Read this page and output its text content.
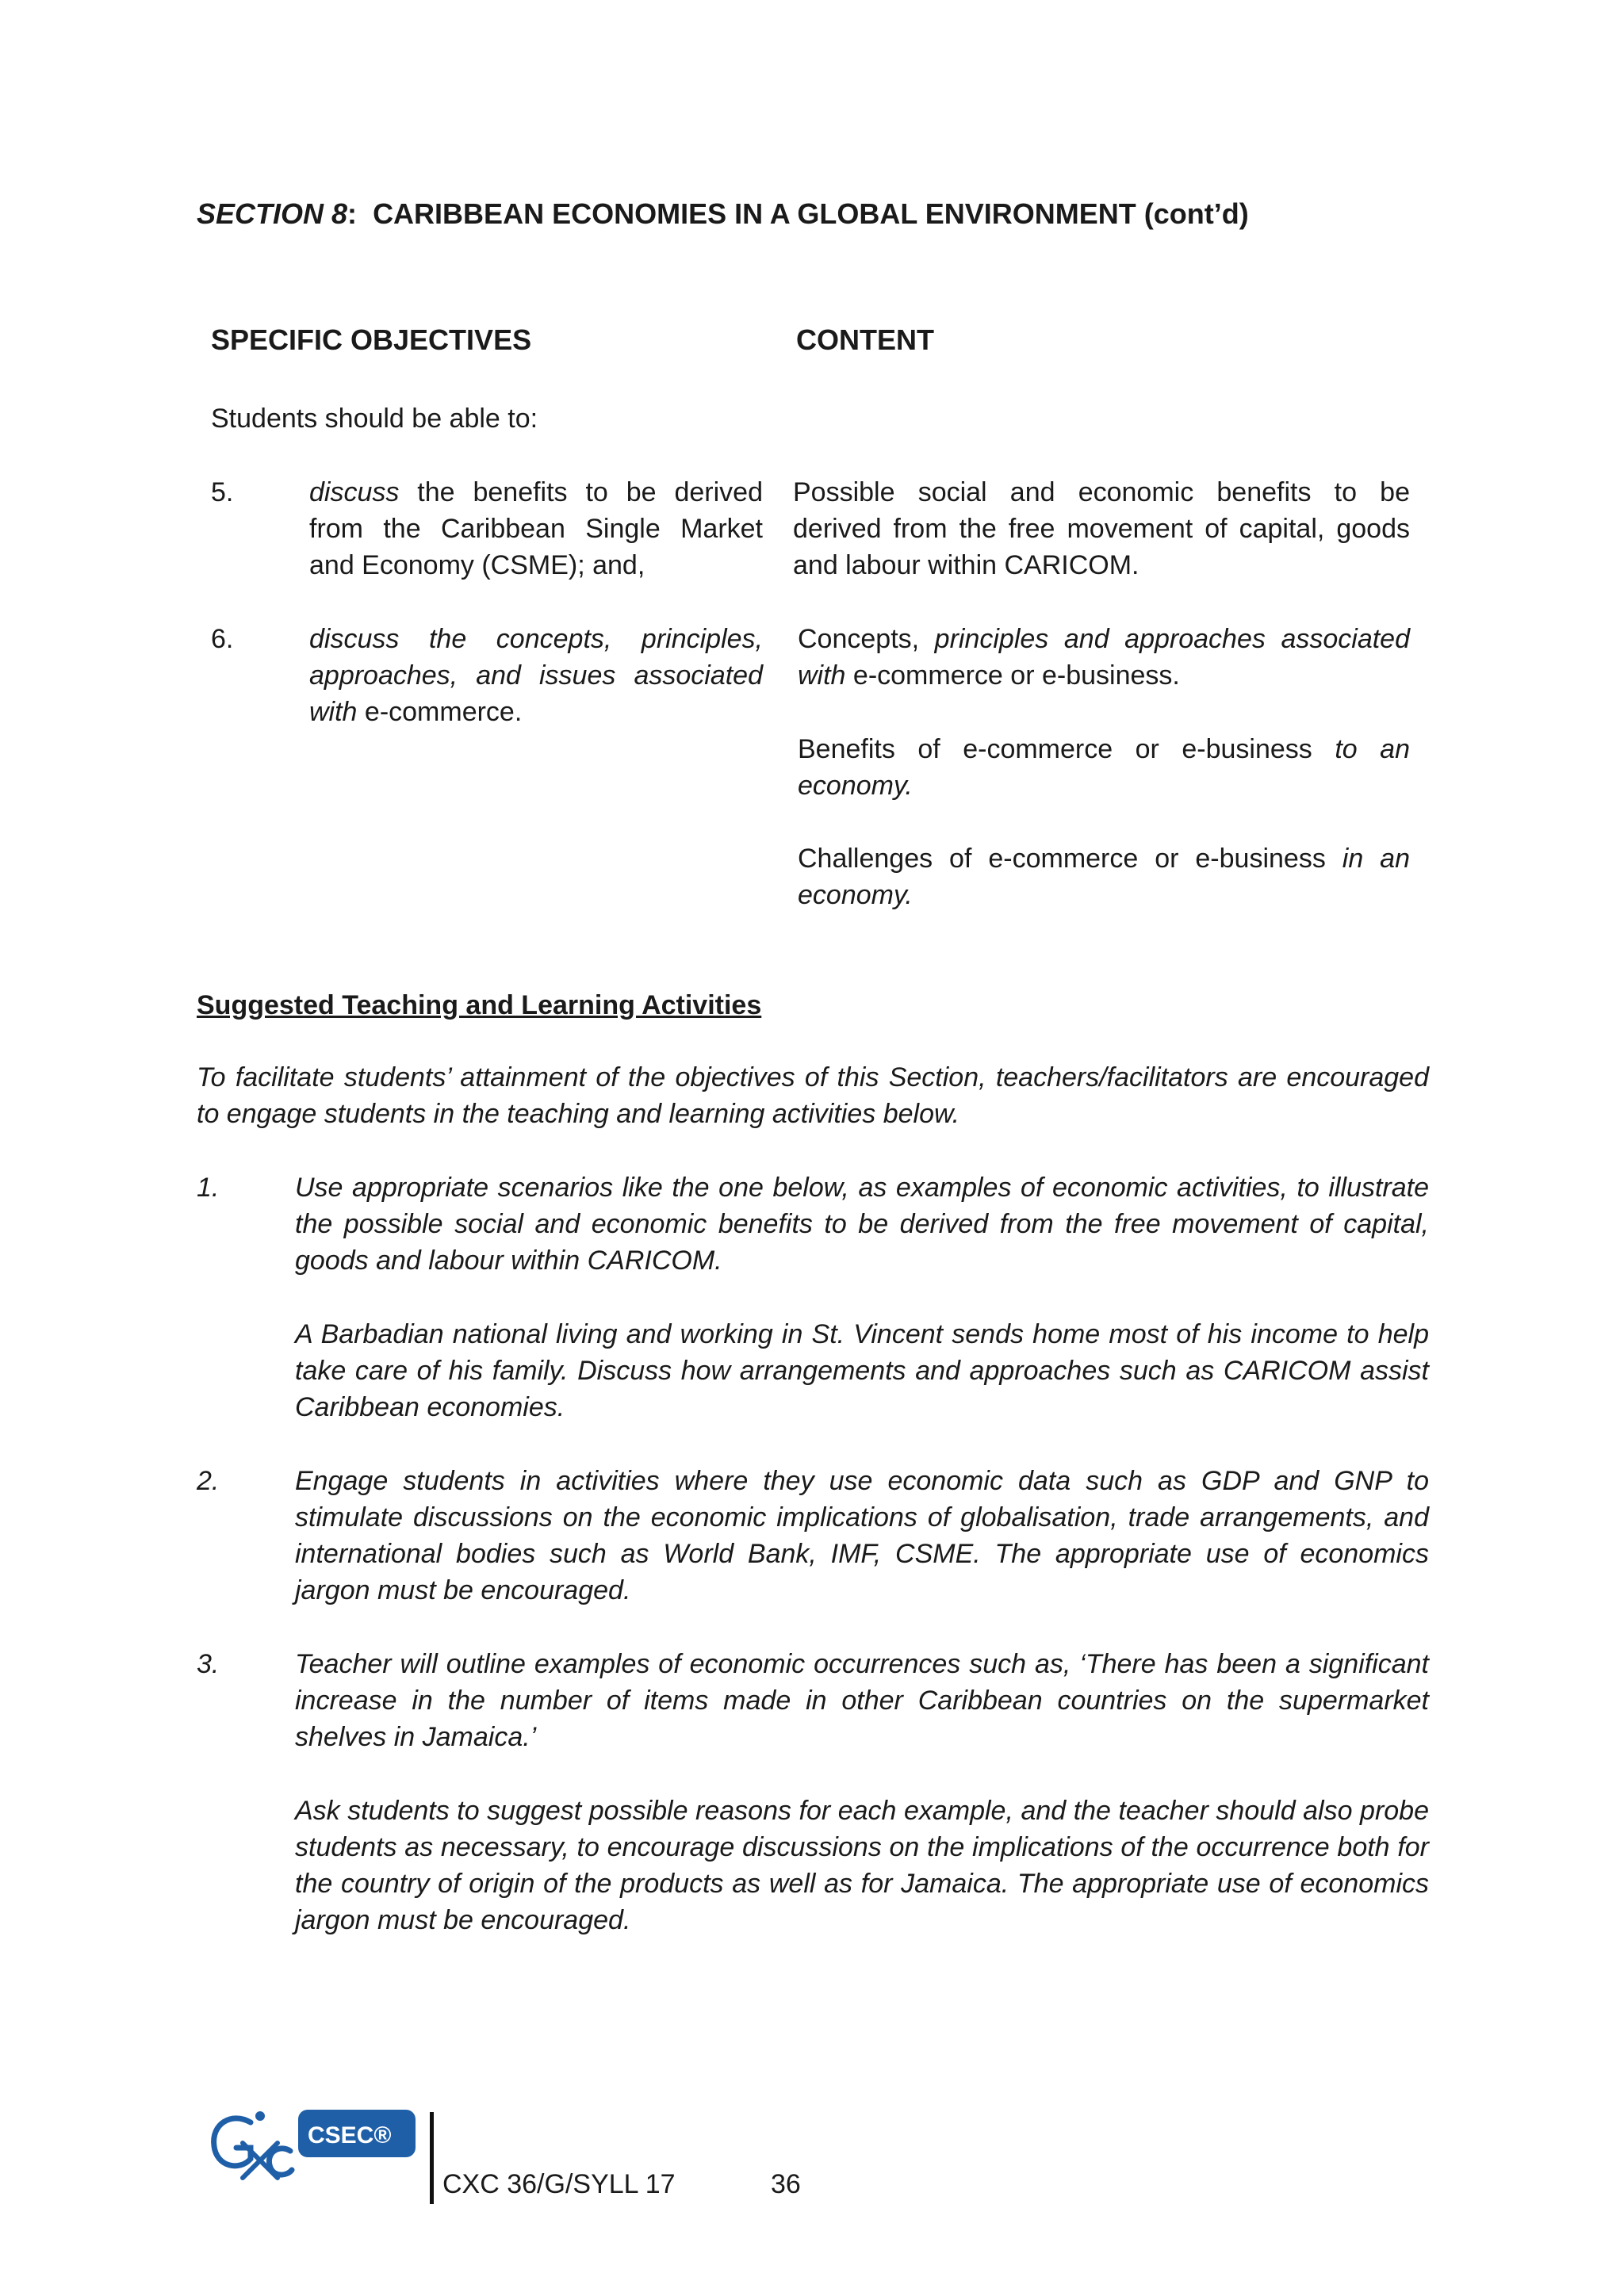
SECTION 8: CARIBBEAN ECONOMIES IN A GLOBAL ENVIRONMENT (cont’d)
SPECIFIC OBJECTIVES	CONTENT
Students should be able to:
5.	discuss the benefits to be derived from the Caribbean Single Market and Economy (CSME); and,
Possible social and economic benefits to be derived from the free movement of capital, goods and labour within CARICOM.
6.	discuss the concepts, principles, approaches, and issues associated with e-commerce.
Concepts, principles and approaches associated with e-commerce or e-business.
Benefits of e-commerce or e-business to an economy.
Challenges of e-commerce or e-business in an economy.
Suggested Teaching and Learning Activities
To facilitate students’ attainment of the objectives of this Section, teachers/facilitators are encouraged to engage students in the teaching and learning activities below.
1.	Use appropriate scenarios like the one below, as examples of economic activities, to illustrate the possible social and economic benefits to be derived from the free movement of capital, goods and labour within CARICOM.
A Barbadian national living and working in St. Vincent sends home most of his income to help take care of his family. Discuss how arrangements and approaches such as CARICOM assist Caribbean economies.
2.	Engage students in activities where they use economic data such as GDP and GNP to stimulate discussions on the economic implications of globalisation, trade arrangements, and international bodies such as World Bank, IMF, CSME. The appropriate use of economics jargon must be encouraged.
3.	Teacher will outline examples of economic occurrences such as, ‘There has been a significant increase in the number of items made in other Caribbean countries on the supermarket shelves in Jamaica.’
Ask students to suggest possible reasons for each example, and the teacher should also probe students as necessary, to encourage discussions on the implications of the occurrence both for the country of origin of the products as well as for Jamaica. The appropriate use of economics jargon must be encouraged.
CSEC®
CXC 36/G/SYLL 17	36
